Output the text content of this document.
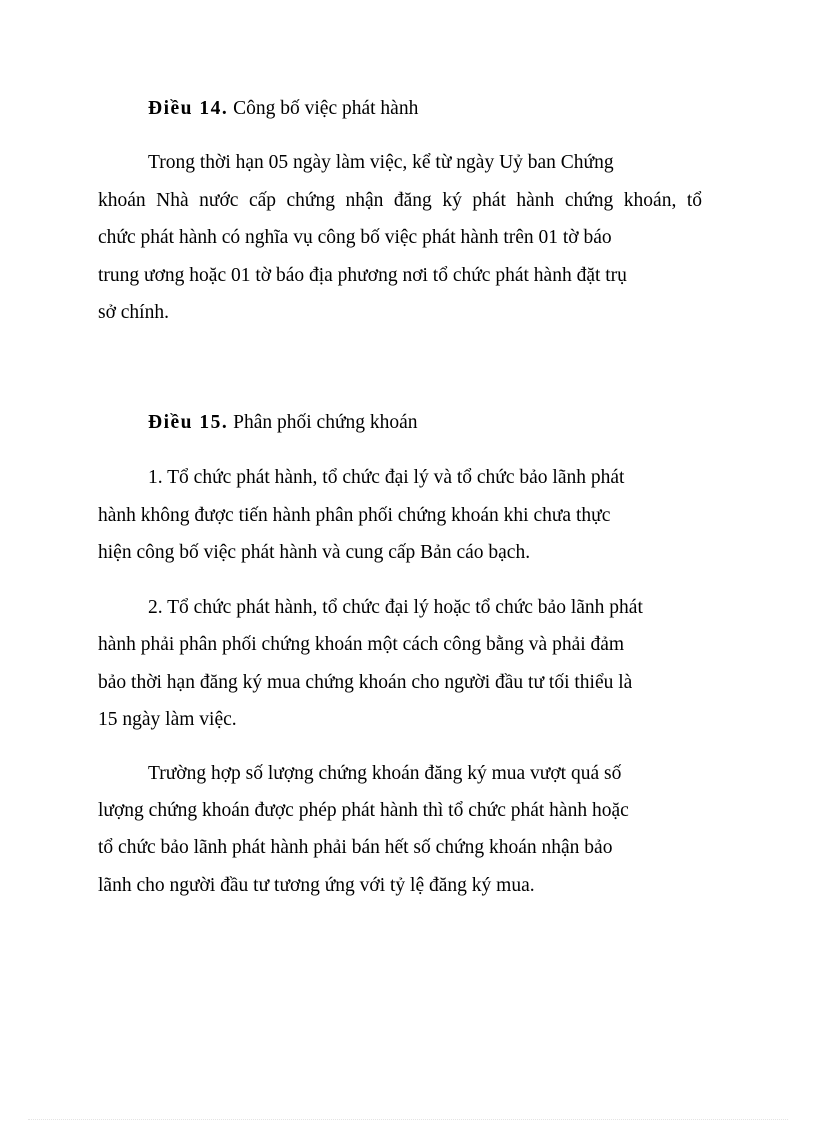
Điều 14. Công bố việc phát hành
Trong thời hạn 05 ngày làm việc, kể từ ngày Uỷ ban Chứng
khoán Nhà nước cấp chứng nhận đăng ký phát hành chứng khoán, tổ
chức phát hành có nghĩa vụ công bố việc phát hành trên 01 tờ báo
trung ương hoặc 01 tờ báo địa phương nơi tổ chức phát hành đặt trụ
sở chính.
Điều 15. Phân phối chứng khoán
1. Tổ chức phát hành, tổ chức đại lý và tổ chức bảo lãnh phát
hành không được tiến hành phân phối chứng khoán khi chưa thực
hiện công bố việc phát hành và cung cấp Bản cáo bạch.
2. Tổ chức phát hành, tổ chức đại lý hoặc tổ chức bảo lãnh phát
hành phải phân phối chứng khoán một cách công bằng và phải đảm
bảo thời hạn đăng ký mua chứng khoán cho người đầu tư tối thiểu là
15 ngày làm việc.
Trường hợp số lượng chứng khoán đăng ký mua vượt quá số
lượng chứng khoán được phép phát hành thì tổ chức phát hành hoặc
tổ chức bảo lãnh phát hành phải bán hết số chứng khoán nhận bảo
lãnh cho người đầu tư tương ứng với tỷ lệ đăng ký mua.
